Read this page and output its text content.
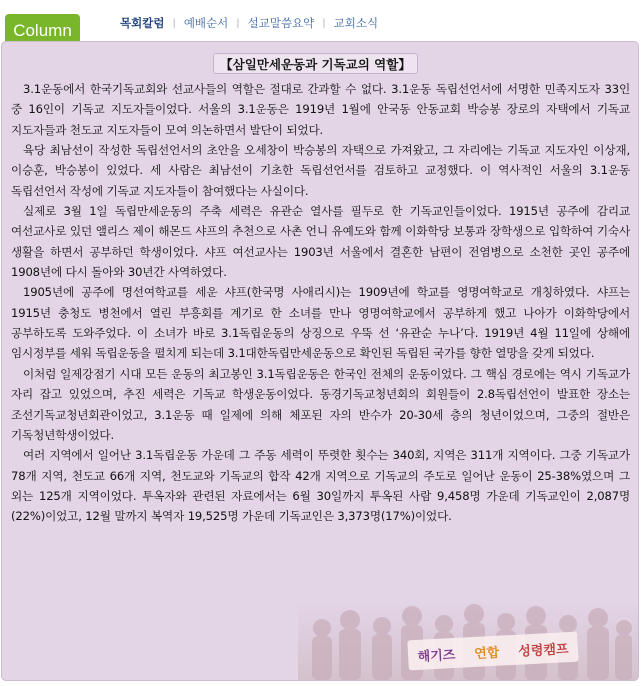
Column	목회칼럼 | 예배순서 | 설교말씀요약 | 교회소식
해기즈 연합 성령캠프
【삼일만세운동과 기독교의 역할】

3.1운동에서 한국기독교회와 선교사들의 역할은 절대로 간과할 수 없다. 3.1운동 독립선언서에 서명한 민족지도자 33인 중 16인이 기독교 지도자들이었다. 서울의 3.1운동은 1919년 1월에 안국동 안동교회 박승봉 장로의 자택에서 기독교 지도자들과 천도교 지도자들이 모여 의논하면서 발단이 되었다.

육당 최남선이 작성한 독립선언서의 초안을 오세창이 박승봉의 자택으로 가져왔고, 그 자리에는 기독교 지도자인 이상재, 이승훈, 박승봉이 있었다. 세 사람은 최남선이 기초한 독립선언서를 검토하고 교정했다. 이 역사적인 서울의 3.1운동 독립선언서 작성에 기독교 지도자들이 참여했다는 사실이다.

실제로 3월 1일 독립만세운동의 주축 세력은 유관순 열사를 필두로 한 기독교인들이었다. 1915년 공주에 감리교 여선교사로 있던 앨리스 제이 해몬드 샤프의 추천으로 사촌 언니 유예도와 함께 이화학당 보통과 장학생으로 입학하여 기숙사 생활을 하면서 공부하던 학생이었다. 샤프 여선교사는 1903년 서울에서 결혼한 남편이 전염병으로 소천한 곳인 공주에 1908년에 다시 돌아와 30년간 사역하였다.

1905년에 공주에 명선여학교를 세운 샤프(한국명 사애리시)는 1909년에 학교를 영명여학교로 개칭하였다. 샤프는 1915년 충청도 병천에서 열린 부흥회를 계기로 한 소녀를 만나 영명여학교에서 공부하게 했고 나아가 이화학당에서 공부하도록 도와주었다. 이 소녀가 바로 3.1독립운동의 상징으로 우뚝 선 ‘유관순 누나’다. 1919년 4월 11일에 상해에 임시정부를 세워 독립운동을 펼치게 되는데 3.1대한독립만세운동으로 확인된 독립된 국가를 향한 열망을 갖게 되었다.

이처럼 일제강점기 시대 모든 운동의 최고봉인 3.1독립운동은 한국인 전체의 운동이었다. 그 핵심 경로에는 역시 기독교가 자리 잡고 있었으며, 추진 세력은 기독교 학생운동이었다. 동경기독교청년회의 회원들이 2.8독립선언이 발표한 장소는 조선기독교청년회관이었고, 3.1운동 때 일제에 의해 체포된 자의 반수가 20-30세 층의 청년이었으며, 그중의 절반은 기독청년학생이었다.

여러 지역에서 일어난 3.1독립운동 가운데 그 주동 세력이 뚜렷한 횟수는 340회, 지역은 311개 지역이다. 그중 기독교가 78개 지역, 천도교 66개 지역, 천도교와 기독교의 합작 42개 지역으로 기독교의 주도로 일어난 운동이 25-38%였으며 그 외는 125개 지역이었다. 투옥자와 관련된 자료에서는 6월 30일까지 투옥된 사람 9,458명 가운데 기독교인이 2,087명(22%)이었고, 12월 말까지 복역자 19,525명 가운데 기독교인은 3,373명(17%)이었다.
